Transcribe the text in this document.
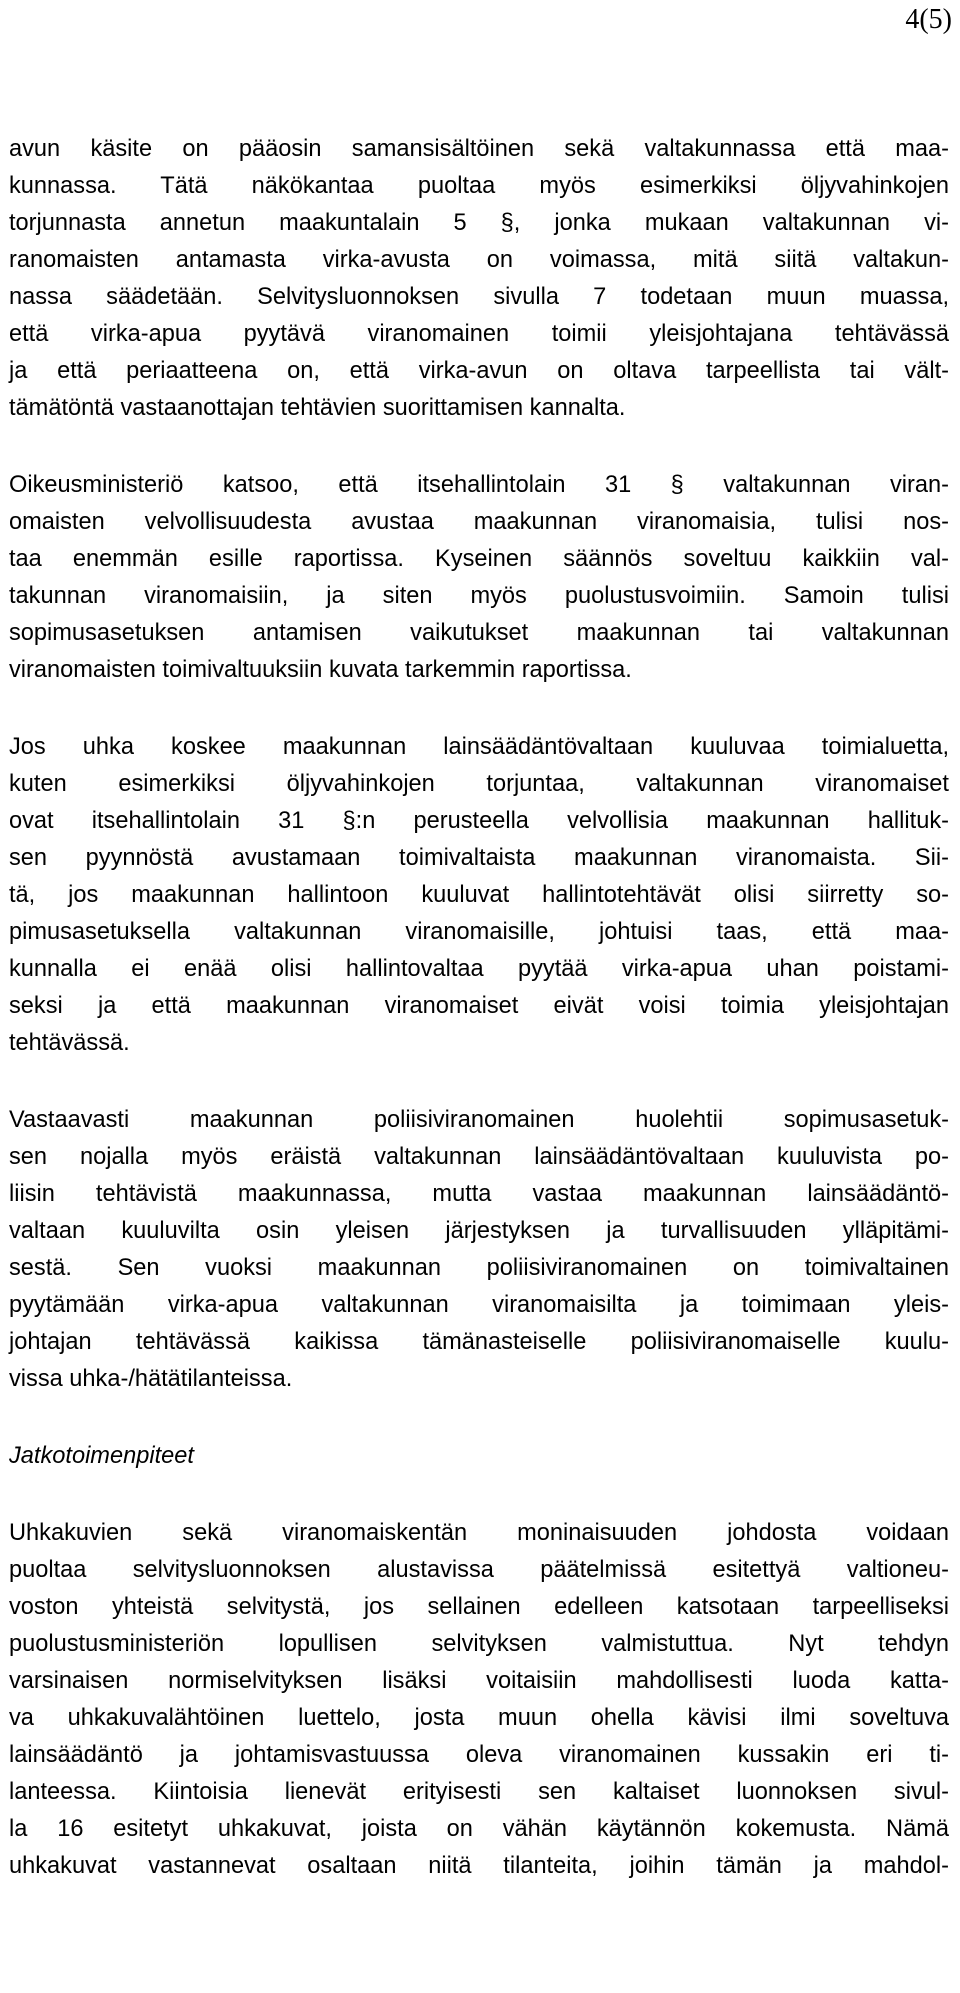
4(5)
avun käsite on pääosin samansisältöinen sekä valtakunnassa että maa-
kunnassa. Tätä näkökantaa puoltaa myös esimerkiksi öljyvahinkojen
torjunnasta annetun maakuntalain 5 §, jonka mukaan valtakunnan vi-
ranomaisten antamasta virka-avusta on voimassa, mitä siitä valtakun-
nassa säädetään. Selvitysluonnoksen sivulla 7 todetaan muun muassa,
että virka-apua pyytävä viranomainen toimii yleisjohtajana tehtävässä
ja että periaatteena on, että virka-avun on oltava tarpeellista tai vält-
tämätöntä vastaanottajan tehtävien suorittamisen kannalta.
Oikeusministeriö katsoo, että itsehallintolain 31 § valtakunnan viran-
omaisten velvollisuudesta avustaa maakunnan viranomaisia, tulisi nos-
taa enemmän esille raportissa. Kyseinen säännös soveltuu kaikkiin val-
takunnan viranomaisiin, ja siten myös puolustusvoimiin. Samoin tulisi
sopimusasetuksen antamisen vaikutukset maakunnan tai valtakunnan
viranomaisten toimivaltuuksiin kuvata tarkemmin raportissa.
Jos uhka koskee maakunnan lainsäädäntövaltaan kuuluvaa toimialuetta,
kuten esimerkiksi öljyvahinkojen torjuntaa, valtakunnan viranomaiset
ovat itsehallintolain 31 §:n perusteella velvollisia maakunnan hallituk-
sen pyynnöstä avustamaan toimivaltaista maakunnan viranomaista. Sii-
tä, jos maakunnan hallintoon kuuluvat hallintotehtävät olisi siirretty so-
pimusasetuksella valtakunnan viranomaisille, johtuisi taas, että maa-
kunnalla ei enää olisi hallintovaltaa pyytää virka-apua uhan poistami-
seksi ja että maakunnan viranomaiset eivät voisi toimia yleisjohtajan
tehtävässä.
Vastaavasti maakunnan poliisiviranomainen huolehtii sopimusasetuk-
sen nojalla myös eräistä valtakunnan lainsäädäntövaltaan kuuluvista po-
liisin tehtävistä maakunnassa, mutta vastaa maakunnan lainsäädäntö-
valtaan kuuluvilta osin yleisen järjestyksen ja turvallisuuden ylläpitämi-
sestä. Sen vuoksi maakunnan poliisiviranomainen on toimivaltainen
pyytämään virka-apua valtakunnan viranomaisilta ja toimimaan yleis-
johtajan tehtävässä kaikissa tämänasteiselle poliisiviranomaiselle kuulu-
vissa uhka-/hätätilanteissa.
Jatkotoimenpiteet
Uhkakuvien sekä viranomaiskentän moninaisuuden johdosta voidaan
puoltaa selvitysluonnoksen alustavissa päätelmissä esitettyä valtioneu-
voston yhteistä selvitystä, jos sellainen edelleen katsotaan tarpeelliseksi
puolustusministeriön lopullisen selvityksen valmistuttua. Nyt tehdyn
varsinaisen normiselvityksen lisäksi voitaisiin mahdollisesti luoda katta-
va uhkakuvalähtöinen luettelo, josta muun ohella kävisi ilmi soveltuva
lainsäädäntö ja johtamisvastuussa oleva viranomainen kussakin eri ti-
lanteessa. Kiintoisia lienevät erityisesti sen kaltaiset luonnoksen sivul-
la 16 esitetyt uhkakuvat, joista on vähän käytännön kokemusta. Nämä
uhkakuvat vastannevat osaltaan niitä tilanteita, joihin tämän ja mahdol-
